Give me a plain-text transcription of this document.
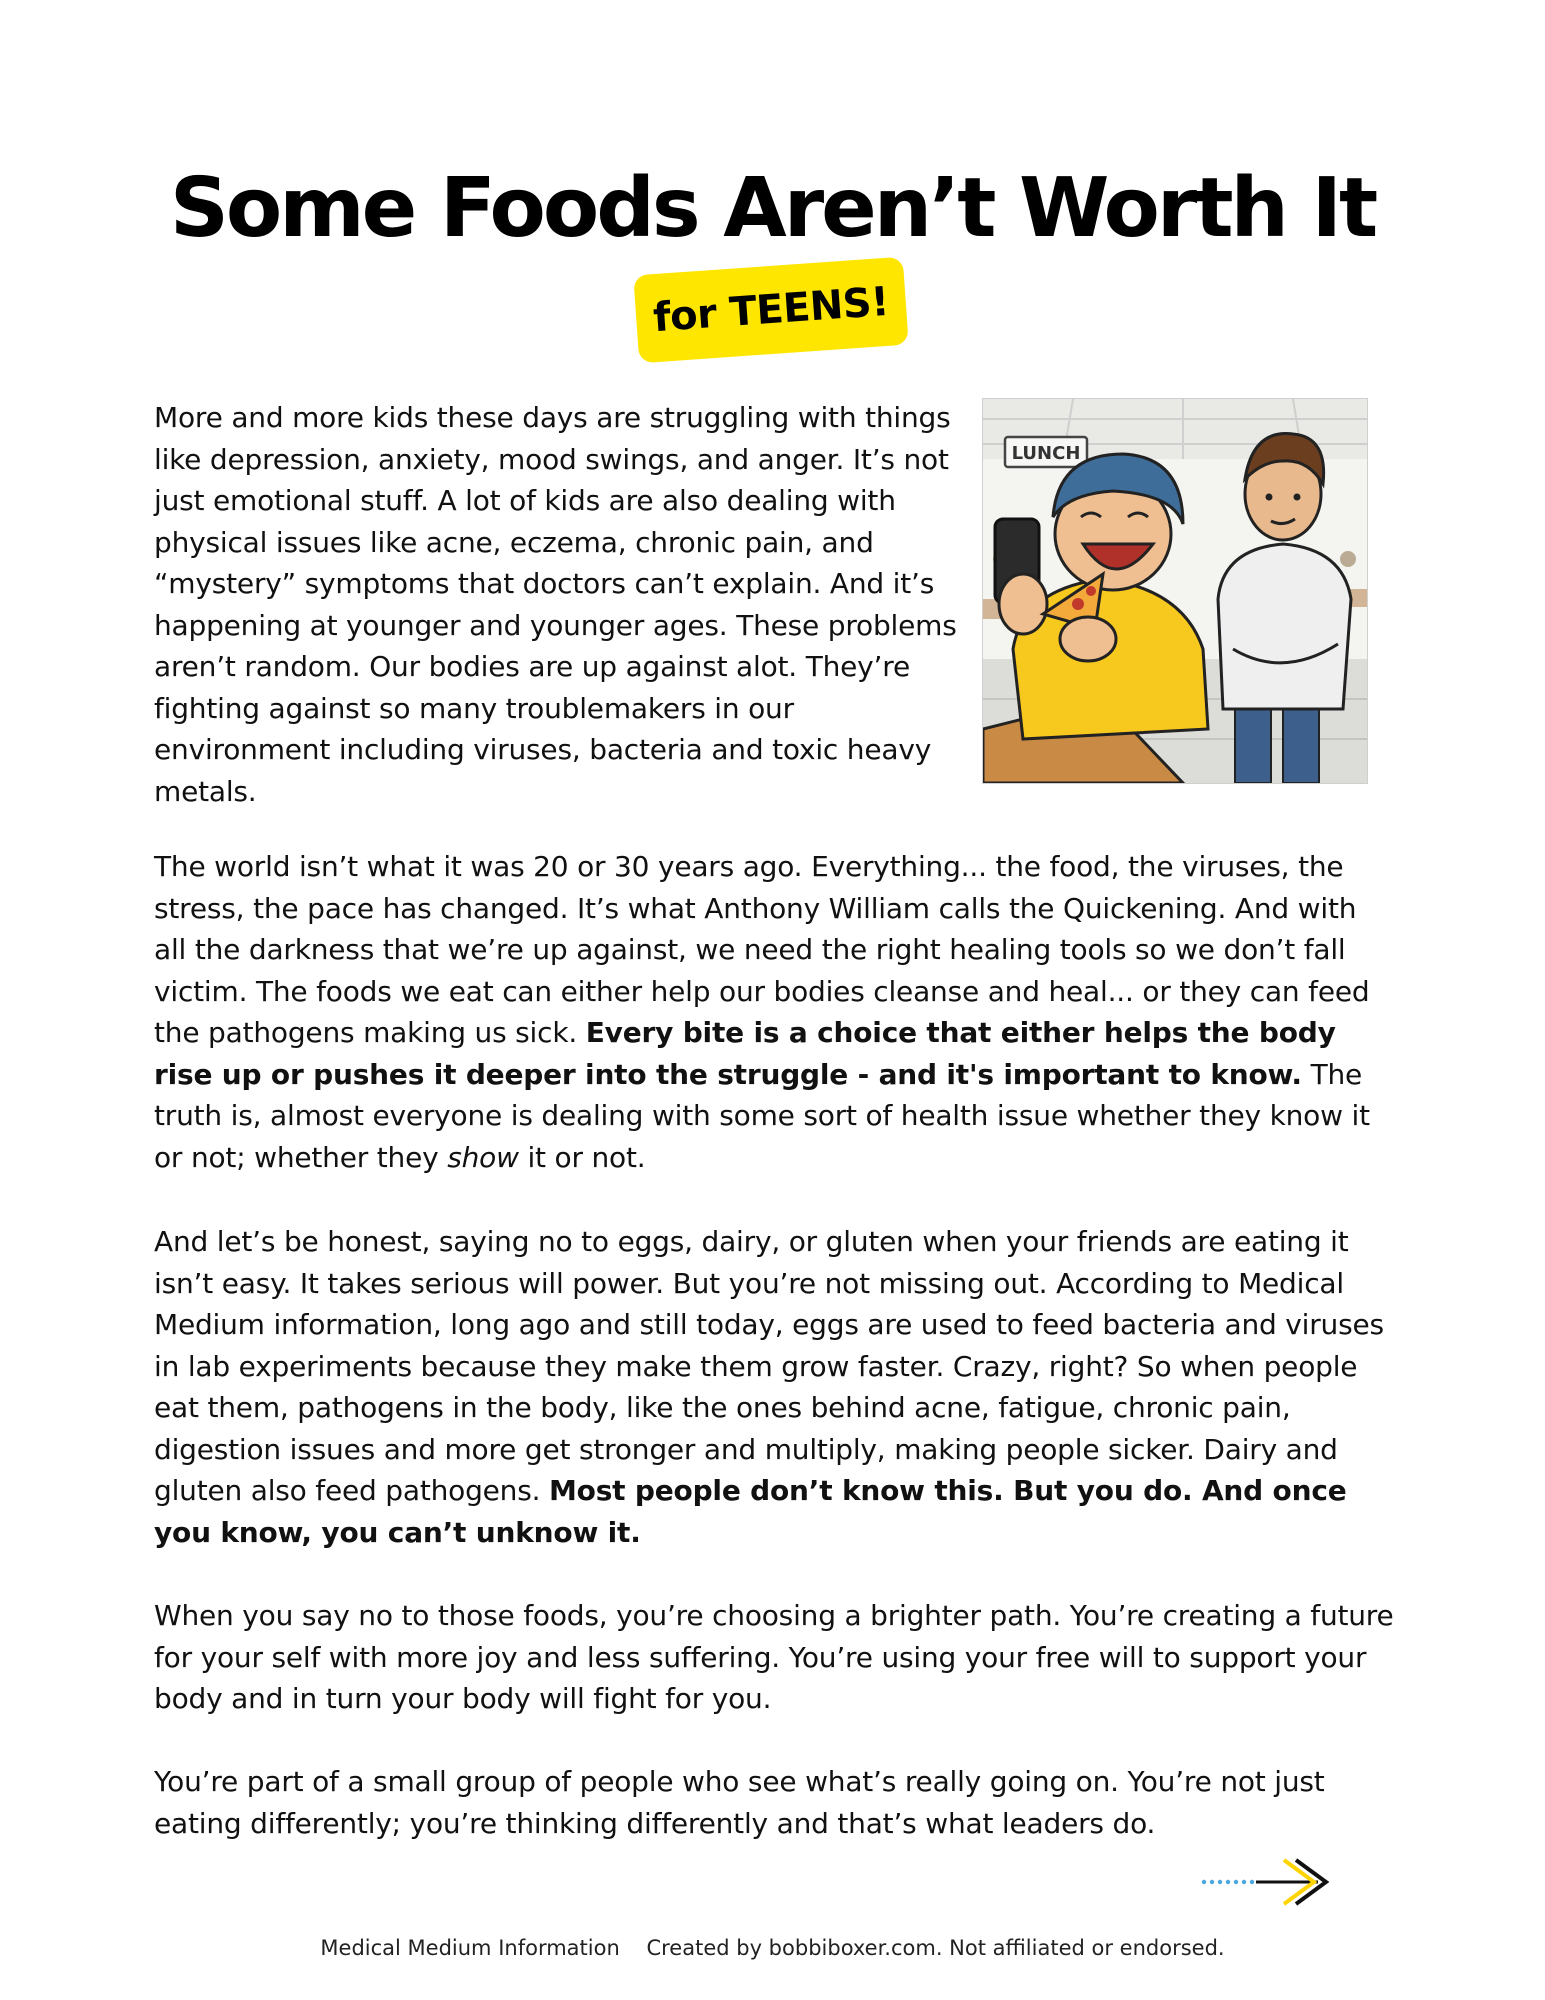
Some Foods Aren’t Worth It
for TEENS!

More and more kids these days are struggling with things like depression, anxiety, mood swings, and anger. It’s not just emotional stuff. A lot of kids are also dealing with physical issues like acne, eczema, chronic pain, and “mystery” symptoms that doctors can’t explain. And it’s happening at younger and younger ages. These problems aren’t random. Our bodies are up against alot. They’re fighting against so many troublemakers in our environment including viruses, bacteria and toxic heavy metals.

LUNCH

The world isn’t what it was 20 or 30 years ago. Everything... the food, the viruses, the stress, the pace has changed. It’s what Anthony William calls the Quickening. And with all the darkness that we’re up against, we need the right healing tools so we don’t fall victim. The foods we eat can either help our bodies cleanse and heal... or they can feed the pathogens making us sick. Every bite is a choice that either helps the body rise up or pushes it deeper into the struggle - and it's important to know. The truth is, almost everyone is dealing with some sort of health issue whether they know it or not; whether they show it or not.

And let’s be honest, saying no to eggs, dairy, or gluten when your friends are eating it isn’t easy. It takes serious will power. But you’re not missing out. According to Medical Medium information, long ago and still today, eggs are used to feed bacteria and viruses in lab experiments because they make them grow faster. Crazy, right? So when people eat them, pathogens in the body, like the ones behind acne, fatigue, chronic pain, digestion issues and more get stronger and multiply, making people sicker. Dairy and gluten also feed pathogens. Most people don’t know this. But you do. And once you know, you can’t unknow it.

When you say no to those foods, you’re choosing a brighter path. You’re creating a future for your self with more joy and less suffering. You’re using your free will to support your body and in turn your body will fight for you.

You’re part of a small group of people who see what’s really going on. You’re not just eating differently; you’re thinking differently and that’s what leaders do.

Medical Medium Information Created by bobbiboxer.com. Not affiliated or endorsed.
